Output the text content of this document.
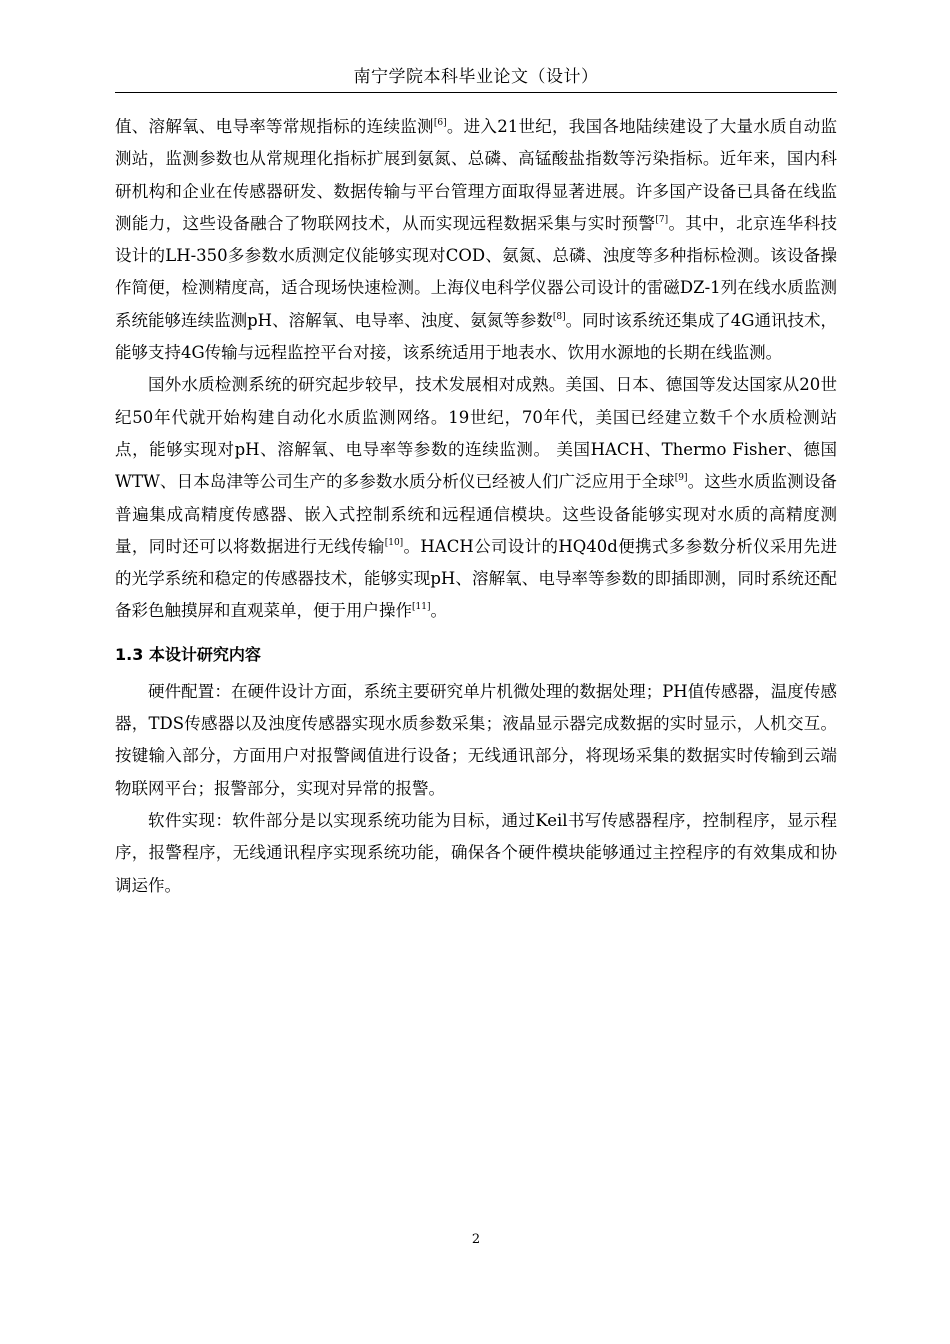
南宁学院本科毕业论文（设计）

值、溶解氧、电导率等常规指标的连续监测[6]。进入21世纪，我国各地陆续建设了大量水质自动监测站，监测参数也从常规理化指标扩展到氨氮、总磷、高锰酸盐指数等污染指标。近年来，国内科研机构和企业在传感器研发、数据传输与平台管理方面取得显著进展。许多国产设备已具备在线监测能力，这些设备融合了物联网技术，从而实现远程数据采集与实时预警[7]。其中，北京连华科技设计的LH-350多参数水质测定仪能够实现对COD、氨氮、总磷、浊度等多种指标检测。该设备操作简便，检测精度高，适合现场快速检测。上海仪电科学仪器公司设计的雷磁DZ-1列在线水质监测系统能够连续监测pH、溶解氧、电导率、浊度、氨氮等参数[8]。同时该系统还集成了4G通讯技术，能够支持4G传输与远程监控平台对接，该系统适用于地表水、饮用水源地的长期在线监测。

国外水质检测系统的研究起步较早，技术发展相对成熟。美国、日本、德国等发达国家从20世纪50年代就开始构建自动化水质监测网络。19世纪，70年代，美国已经建立数千个水质检测站点，能够实现对pH、溶解氧、电导率等参数的连续监测。 美国HACH、Thermo Fisher、德国WTW、日本岛津等公司生产的多参数水质分析仪已经被人们广泛应用于全球[9]。这些水质监测设备普遍集成高精度传感器、嵌入式控制系统和远程通信模块。这些设备能够实现对水质的高精度测量，同时还可以将数据进行无线传输[10]。HACH公司设计的HQ40d便携式多参数分析仪采用先进的光学系统和稳定的传感器技术，能够实现pH、溶解氧、电导率等参数的即插即测，同时系统还配备彩色触摸屏和直观菜单，便于用户操作[11]。

1.3 本设计研究内容

硬件配置：在硬件设计方面，系统主要研究单片机微处理的数据处理；PH值传感器，温度传感器，TDS传感器以及浊度传感器实现水质参数采集；液晶显示器完成数据的实时显示，人机交互。按键输入部分，方面用户对报警阈值进行设备；无线通讯部分，将现场采集的数据实时传输到云端物联网平台；报警部分，实现对异常的报警。

软件实现：软件部分是以实现系统功能为目标，通过Keil书写传感器程序，控制程序，显示程序，报警程序，无线通讯程序实现系统功能，确保各个硬件模块能够通过主控程序的有效集成和协调运作。

2
